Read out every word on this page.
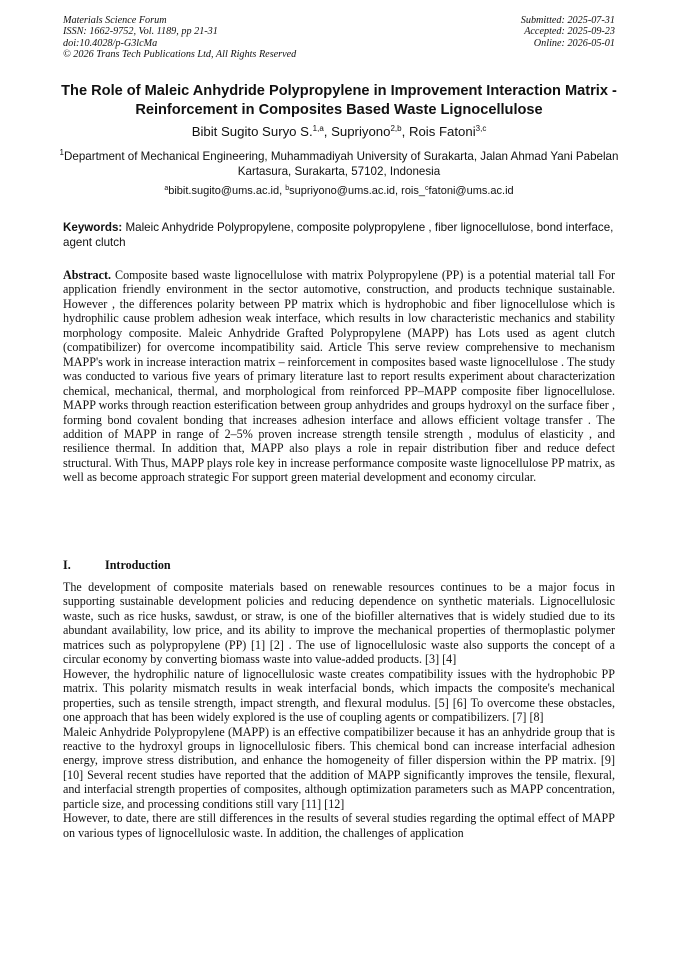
Materials Science Forum
ISSN: 1662-9752, Vol. 1189, pp 21-31
doi:10.4028/p-G3lcMa
© 2026 Trans Tech Publications Ltd, All Rights Reserved
Submitted: 2025-07-31
Accepted: 2025-09-23
Online: 2026-05-01
The Role of Maleic Anhydride Polypropylene in Improvement Interaction Matrix - Reinforcement in Composites Based Waste Lignocellulose
Bibit Sugito Suryo S.$^{1,a}$, Supriyono$^{2,b}$, Rois Fatoni$^{3,c}$
$^1$Department of Mechanical Engineering, Muhammadiyah University of Surakarta, Jalan Ahmad Yani Pabelan Kartasura, Surakarta, 57102, Indonesia
$^a$bibit.sugito@ums.ac.id, $^b$supriyono@ums.ac.id, rois_$^c$fatoni@ums.ac.id
Keywords: Maleic Anhydride Polypropylene, composite polypropylene , fiber lignocellulose, bond interface, agent clutch
Abstract. Composite based waste lignocellulose with matrix Polypropylene (PP) is a potential material tall For application friendly environment in the sector automotive, construction, and products technique sustainable. However , the differences polarity between PP matrix which is hydrophobic and fiber lignocellulose which is hydrophilic cause problem adhesion weak interface, which results in low characteristic mechanics and stability morphology composite. Maleic Anhydride Grafted Polypropylene (MAPP) has Lots used as agent clutch (compatibilizer) for overcome incompatibility said. Article This serve review comprehensive to mechanism MAPP's work in increase interaction matrix – reinforcement in composites based waste lignocellulose . The study was conducted to various five years of primary literature last to report results experiment about characterization chemical, mechanical, thermal, and morphological from reinforced PP–MAPP composite fiber lignocellulose. MAPP works through reaction esterification between group anhydrides and groups hydroxyl on the surface fiber , forming bond covalent bonding that increases adhesion interface and allows efficient voltage transfer . The addition of MAPP in range of 2–5% proven increase strength tensile strength , modulus of elasticity , and resilience thermal. In addition that, MAPP also plays a role in repair distribution fiber and reduce defect structural. With Thus, MAPP plays role key in increase performance composite waste lignocellulose PP matrix, as well as become approach strategic For support green material development and economy circular.
I.	Introduction

The development of composite materials based on renewable resources continues to be a major focus in supporting sustainable development policies and reducing dependence on synthetic materials. Lignocellulosic waste, such as rice husks, sawdust, or straw, is one of the biofiller alternatives that is widely studied due to its abundant availability, low price, and its ability to improve the mechanical properties of thermoplastic polymer matrices such as polypropylene (PP) [1] [2] . The use of lignocellulosic waste also supports the concept of a circular economy by converting biomass waste into value-added products. [3] [4]

However, the hydrophilic nature of lignocellulosic waste creates compatibility issues with the hydrophobic PP matrix. This polarity mismatch results in weak interfacial bonds, which impacts the composite's mechanical properties, such as tensile strength, impact strength, and flexural modulus. [5] [6] To overcome these obstacles, one approach that has been widely explored is the use of coupling agents or compatibilizers. [7] [8]

Maleic Anhydride Polypropylene (MAPP) is an effective compatibilizer because it has an anhydride group that is reactive to the hydroxyl groups in lignocellulosic fibers. This chemical bond can increase interfacial adhesion energy, improve stress distribution, and enhance the homogeneity of filler dispersion within the PP matrix. [9] [10] Several recent studies have reported that the addition of MAPP significantly improves the tensile, flexural, and interfacial strength properties of composites, although optimization parameters such as MAPP concentration, particle size, and processing conditions still vary [11] [12]

However, to date, there are still differences in the results of several studies regarding the optimal effect of MAPP on various types of lignocellulosic waste. In addition, the challenges of application
